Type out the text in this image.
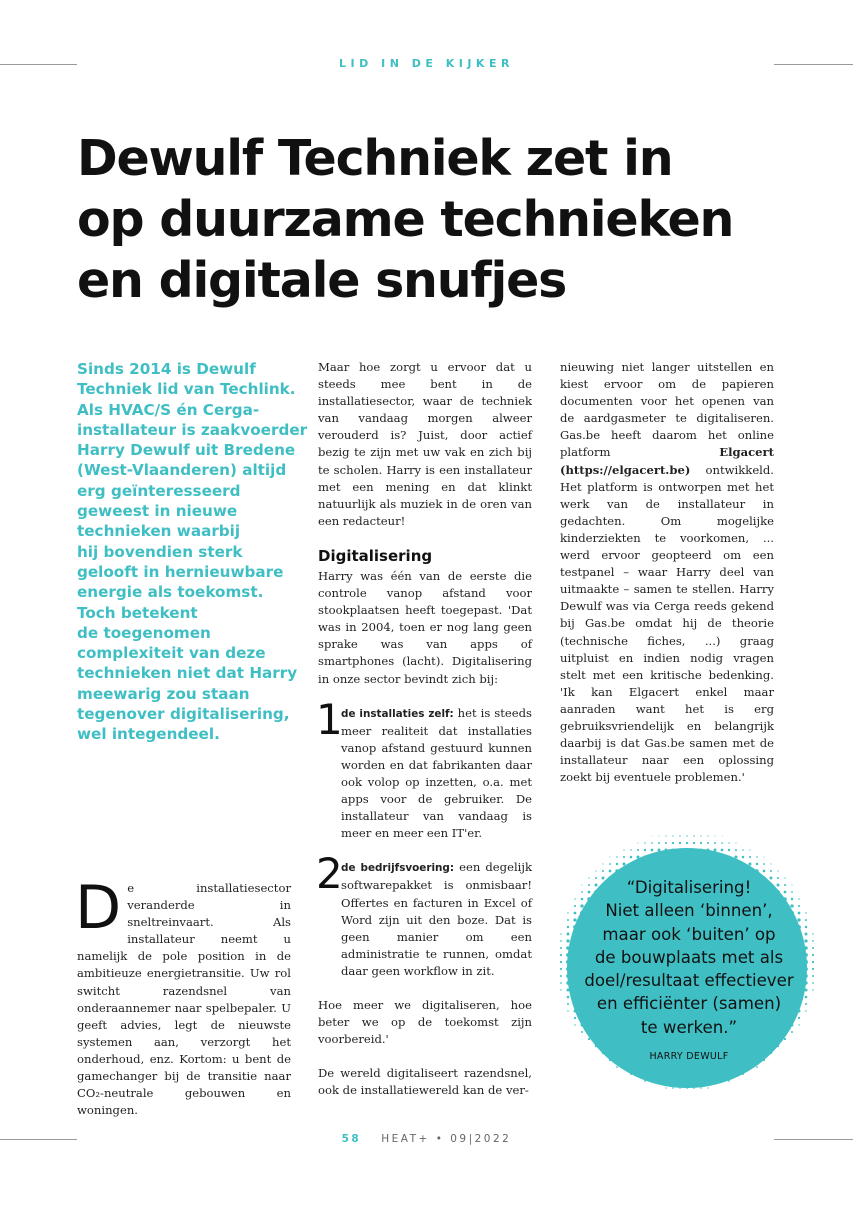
LID IN DE KIJKER
Dewulf Techniek zet in
op duurzame technieken
en digitale snufjes
Sinds 2014 is Dewulf
Techniek lid van Techlink.
Als HVAC/S én Cerga-
installateur is zaakvoerder
Harry Dewulf uit Bredene
(West-Vlaanderen) altijd
erg geïnteresseerd
geweest in nieuwe
technieken waarbij
hij bovendien sterk
gelooft in hernieuwbare
energie als toekomst.
Toch betekent
de toegenomen
complexiteit van deze
technieken niet dat Harry
meewarig zou staan
tegenover digitalisering,
wel integendeel.
D e installatiesector veranderde in sneltreinvaart. Als installateur neemt u namelijk de pole position in de ambitieuze energietransitie. Uw rol switcht razendsnel van onderaannemer naar spelbepaler. U geeft advies, legt de nieuwste systemen aan, verzorgt het onderhoud, enz. Kortom: u bent de gamechanger bij de transitie naar CO₂-neutrale gebouwen en woningen.

Maar hoe zorgt u ervoor dat u steeds mee bent in de installatiesector, waar de techniek van vandaag morgen alweer verouderd is? Juist, door actief bezig te zijn met uw vak en zich bij te scholen. Harry is een installateur met een mening en dat klinkt natuurlijk als muziek in de oren van een redacteur!

Digitalisering

Harry was één van de eerste die controle vanop afstand voor stookplaatsen heeft toegepast. 'Dat was in 2004, toen er nog lang geen sprake was van apps of smartphones (lacht). Digitalisering in onze sector bevindt zich bij:

1
de installaties zelf: het is steeds meer realiteit dat installaties vanop afstand gestuurd kunnen worden en dat fabrikanten daar ook volop op inzetten, o.a. met apps voor de gebruiker. De installateur van vandaag is meer en meer een IT'er.
2
de bedrijfsvoering: een degelijk softwarepakket is onmisbaar! Offertes en facturen in Excel of Word zijn uit den boze. Dat is geen manier om een administratie te runnen, omdat daar geen workflow in zit.

Hoe meer we digitaliseren, hoe beter we op de toekomst zijn voorbereid.'

De wereld digitaliseert razendsnel, ook de installatiewereld kan de ver-

nieuwing niet langer uitstellen en kiest ervoor om de papieren documenten voor het openen van de aardgasmeter te digitaliseren. Gas.be heeft daarom het online platform Elgacert (https://elgacert.be) ontwikkeld. Het platform is ontworpen met het werk van de installateur in gedachten. Om mogelijke kinderziekten te voorkomen, ... werd ervoor geopteerd om een testpanel – waar Harry deel van uitmaakte – samen te stellen. Harry Dewulf was via Cerga reeds gekend bij Gas.be omdat hij de theorie (technische fiches, ...) graag uitpluist en indien nodig vragen stelt met een kritische bedenking. 'Ik kan Elgacert enkel maar aanraden want het is erg gebruiksvriendelijk en belangrijk daarbij is dat Gas.be samen met de installateur naar een oplossing zoekt bij eventuele problemen.'

“Digitalisering!
Niet alleen ‘binnen’,
maar ook ‘buiten’ op
de bouwplaats met als
doel/resultaat effectiever
en efficiënter (samen)
te werken.”
HARRY DEWULF
58 HEAT+ • 09|2022
